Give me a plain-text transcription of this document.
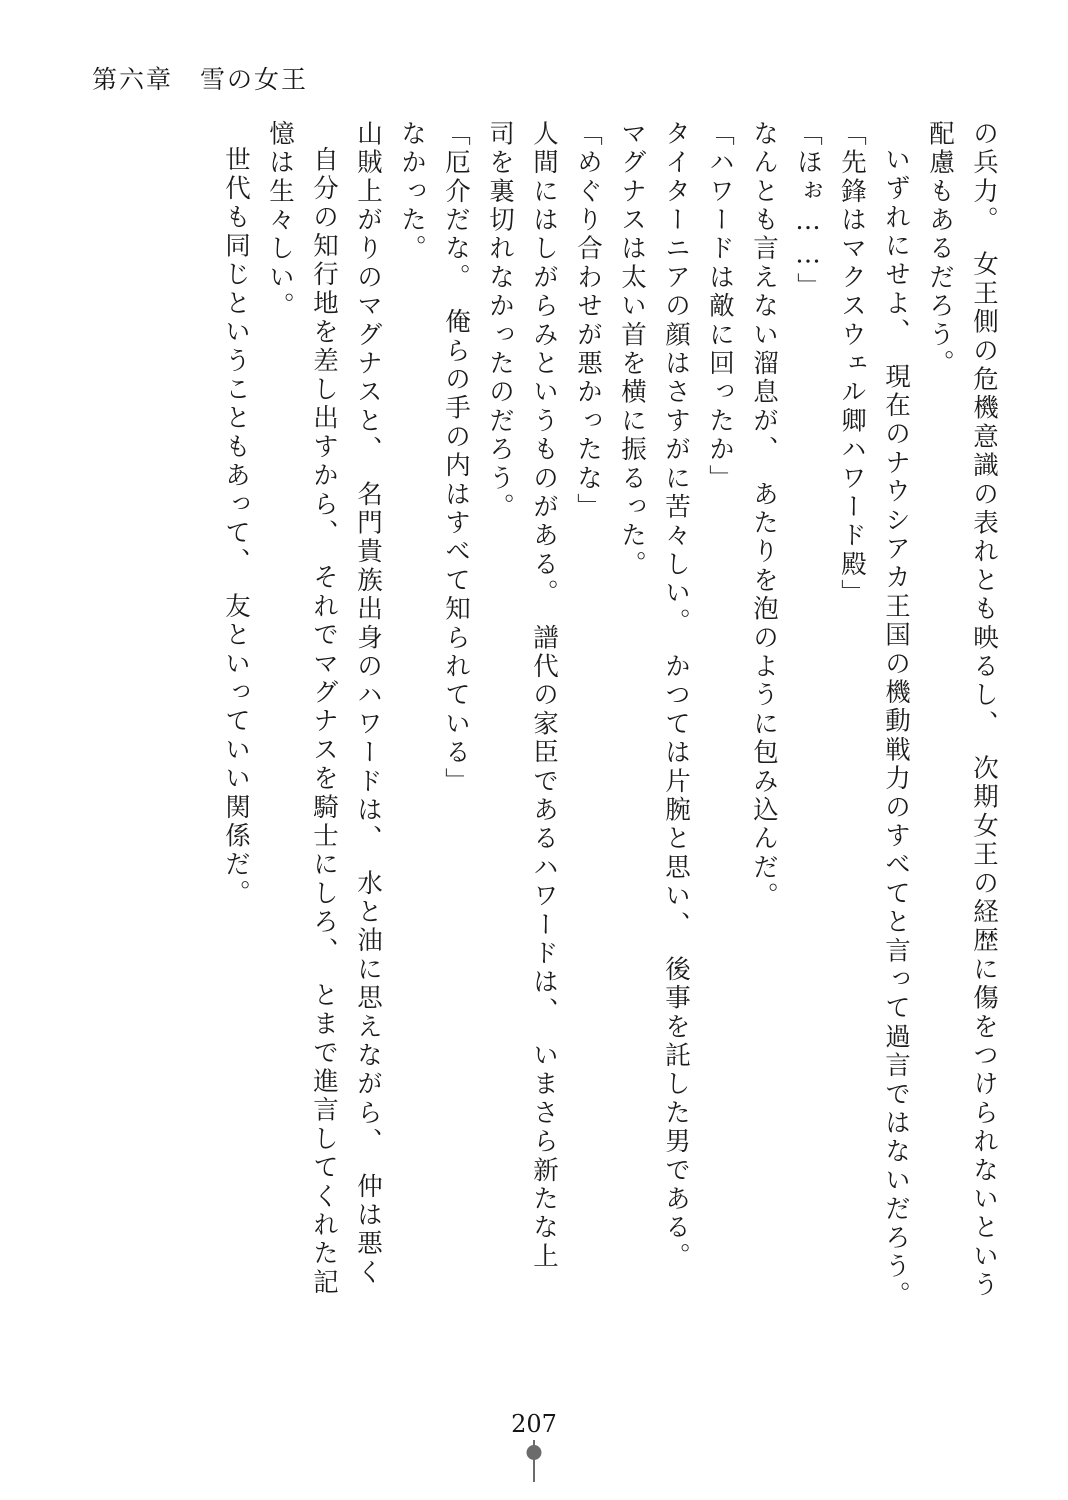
第六章　雪の女王
の兵力。　女王側の危機意識の表れとも映るし、　次期女王の経歴に傷をつけられないという
配慮もあるだろう。
いずれにせよ、　現在のナウシアカ王国の機動戦力のすべてと言って過言ではないだろう。
「先鋒はマクスウェル卿ハワード殿」
「ほぉ……」
なんとも言えない溜息が、　あたりを泡のように包み込んだ。
「ハワードは敵に回ったか」
タイターニアの顔はさすがに苦々しい。　かつては片腕と思い、　後事を託した男である。
マグナスは太い首を横に振るった。
「めぐり合わせが悪かったな」
人間にはしがらみというものがある。　譜代の家臣であるハワードは、　いまさら新たな上
司を裏切れなかったのだろう。
「厄介だな。　俺らの手の内はすべて知られている」
なかった。
山賊上がりのマグナスと、　名門貴族出身のハワードは、　水と油に思えながら、　仲は悪く
自分の知行地を差し出すから、　それでマグナスを騎士にしろ、　とまで進言してくれた記
憶は生々しい。
世代も同じということもあって、　友といっていい関係だ。
207
